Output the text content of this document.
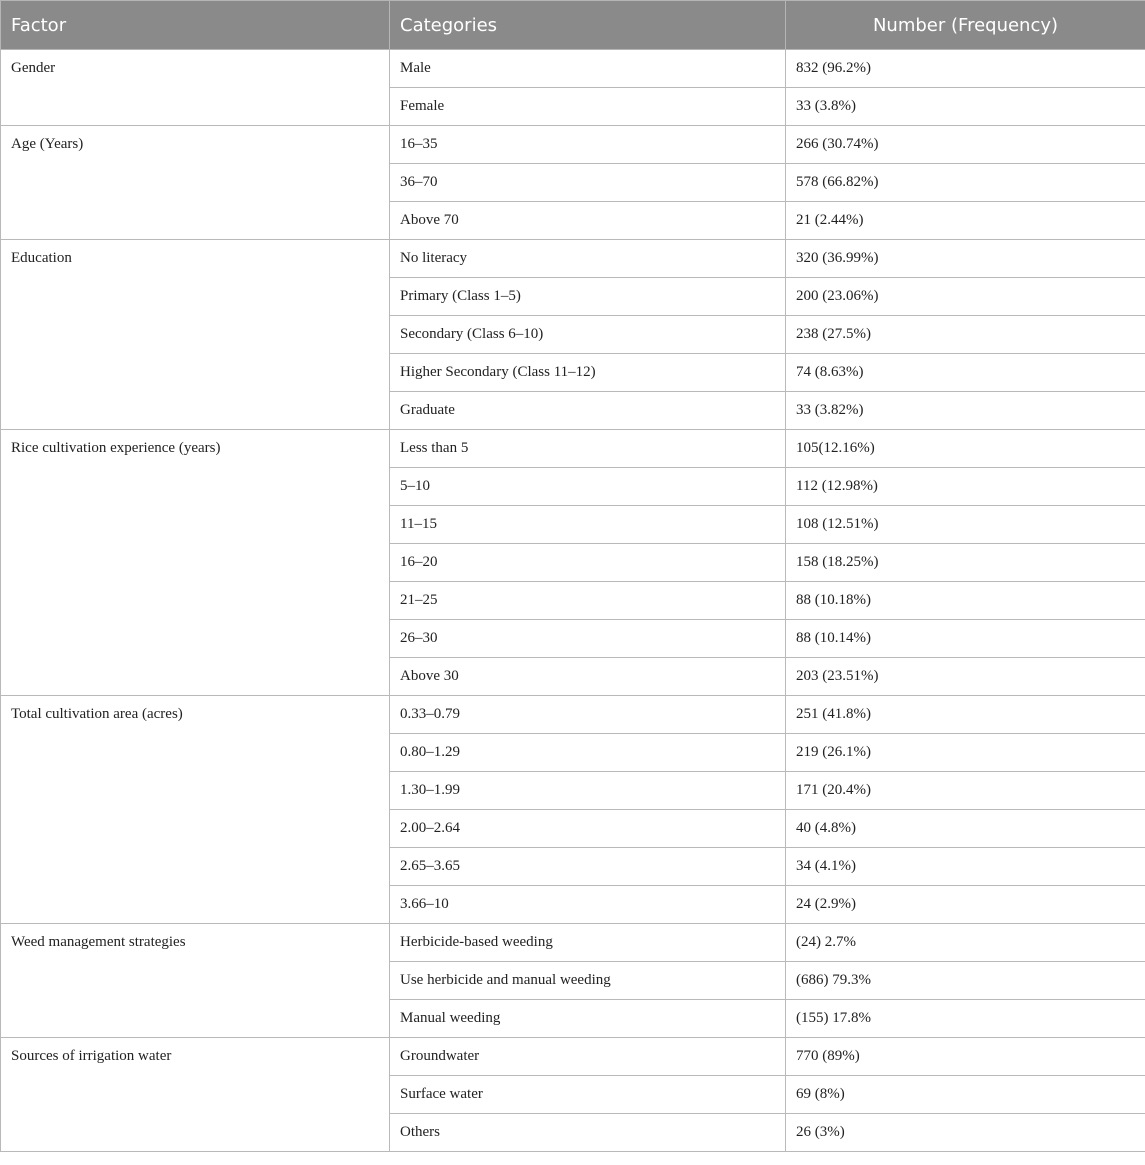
Factor	Categories	Number (Frequency)
Gender	Male	832 (96.2%)
	Female	33 (3.8%)
Age (Years)	16–35	266 (30.74%)
	36–70	578 (66.82%)
	Above 70	21 (2.44%)
Education	No literacy	320 (36.99%)
	Primary (Class 1–5)	200 (23.06%)
	Secondary (Class 6–10)	238 (27.5%)
	Higher Secondary (Class 11–12)	74 (8.63%)
	Graduate	33 (3.82%)
Rice cultivation experience (years)	Less than 5	105(12.16%)
	5–10	112 (12.98%)
	11–15	108 (12.51%)
	16–20	158 (18.25%)
	21–25	88 (10.18%)
	26–30	88 (10.14%)
	Above 30	203 (23.51%)
Total cultivation area (acres)	0.33–0.79	251 (41.8%)
	0.80–1.29	219 (26.1%)
	1.30–1.99	171 (20.4%)
	2.00–2.64	40 (4.8%)
	2.65–3.65	34 (4.1%)
	3.66–10	24 (2.9%)
Weed management strategies	Herbicide-based weeding	(24) 2.7%
	Use herbicide and manual weeding	(686) 79.3%
	Manual weeding	(155) 17.8%
Sources of irrigation water	Groundwater	770 (89%)
	Surface water	69 (8%)
	Others	26 (3%)
